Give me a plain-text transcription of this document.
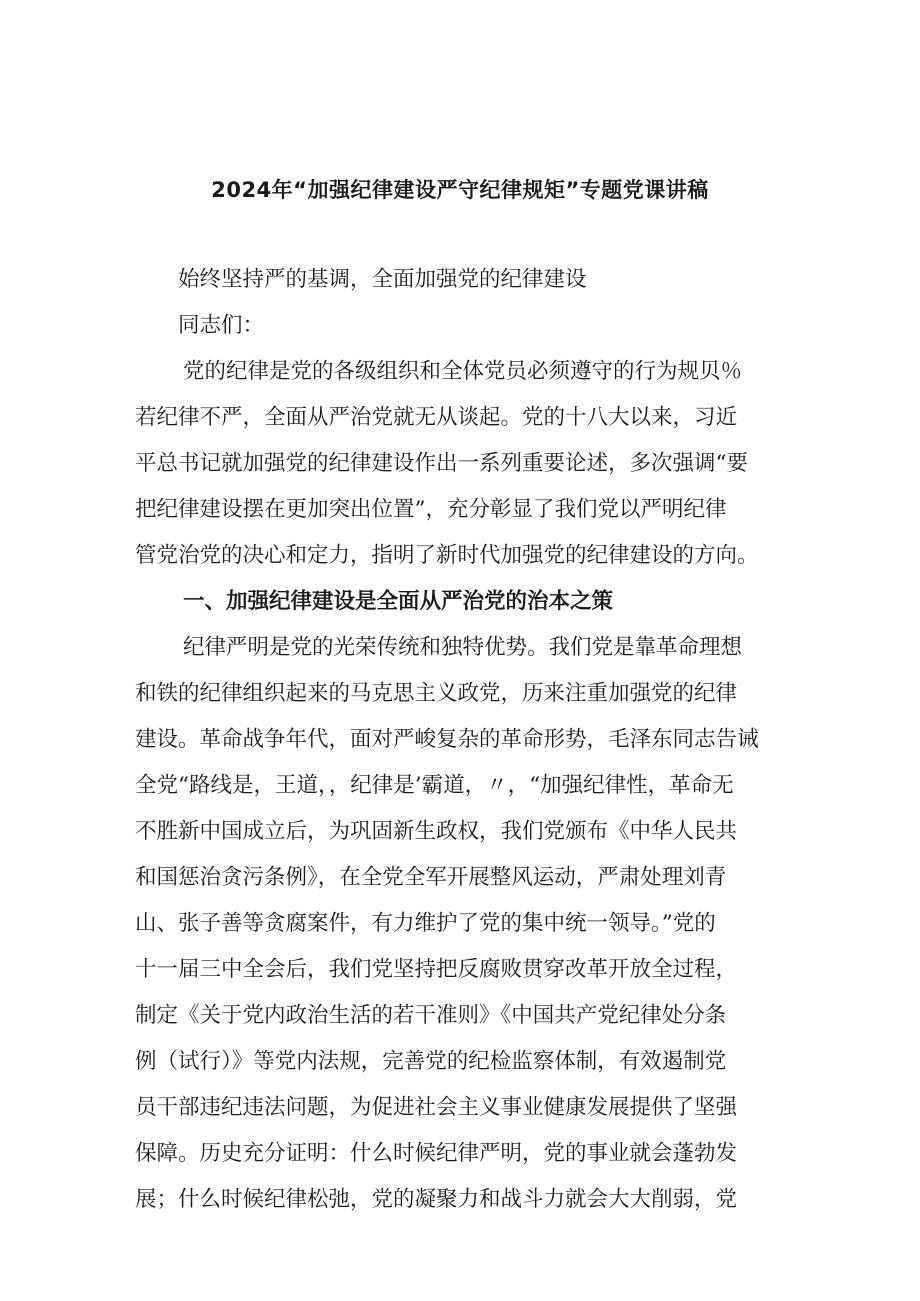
2024年“加强纪律建设严守纪律规矩”专题党课讲稿

始终坚持严的基调，全面加强党的纪律建设

同志们：

党的纪律是党的各级组织和全体党员必须遵守的行为规贝％
若纪律不严，全面从严治党就无从谈起。党的十八大以来，习近
平总书记就加强党的纪律建设作出一系列重要论述，多次强调“要
把纪律建设摆在更加突出位置”，充分彰显了我们党以严明纪律
管党治党的决心和定力，指明了新时代加强党的纪律建设的方向。

一、加强纪律建设是全面从严治党的治本之策

纪律严明是党的光荣传统和独特优势。我们党是靠革命理想
和铁的纪律组织起来的马克思主义政党，历来注重加强党的纪律
建设。革命战争年代，面对严峻复杂的革命形势，毛泽东同志告诫
全党“路线是，王道，，纪律是’霸道，〃，“加强纪律性，革命无
不胜新中国成立后，为巩固新生政权，我们党颁布《中华人民共
和国惩治贪污条例》，在全党全军开展整风运动，严肃处理刘青
山、张子善等贪腐案件，有力维护了党的集中统一领导。”党的
十一届三中全会后，我们党坚持把反腐败贯穿改革开放全过程，
制定《关于党内政治生活的若干准则》《中国共产党纪律处分条
例（试行）》等党内法规，完善党的纪检监察体制，有效遏制党
员干部违纪违法问题，为促进社会主义事业健康发展提供了坚强
保障。历史充分证明：什么时候纪律严明，党的事业就会蓬勃发
展；什么时候纪律松弛，党的凝聚力和战斗力就会大大削弱，党
